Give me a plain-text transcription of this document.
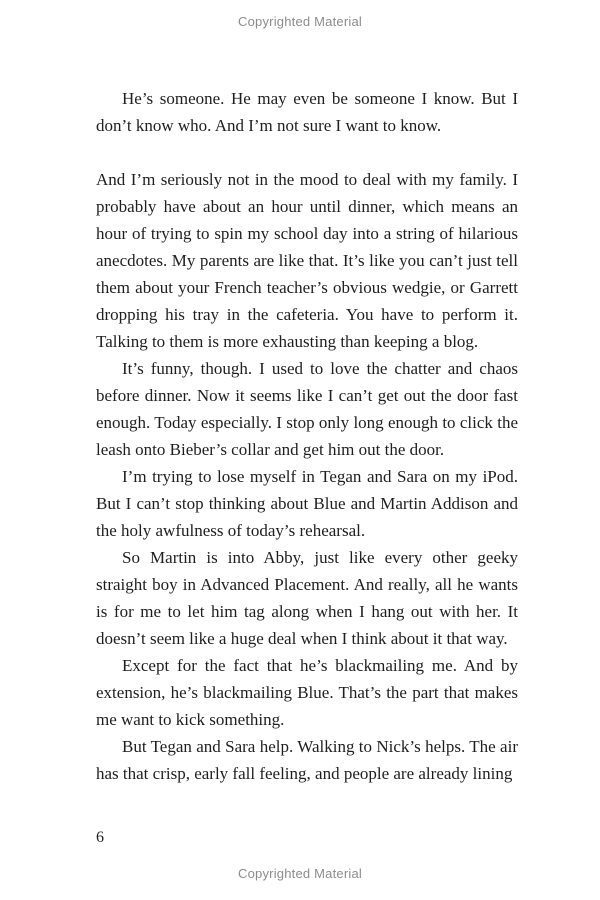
Copyrighted Material

He’s someone. He may even be someone I know. But I don’t know who. And I’m not sure I want to know.

And I’m seriously not in the mood to deal with my family. I probably have about an hour until dinner, which means an hour of trying to spin my school day into a string of hilarious anecdotes. My parents are like that. It’s like you can’t just tell them about your French teacher’s obvious wedgie, or Garrett dropping his tray in the cafeteria. You have to perform it. Talking to them is more exhausting than keeping a blog.

It’s funny, though. I used to love the chatter and chaos before dinner. Now it seems like I can’t get out the door fast enough. Today especially. I stop only long enough to click the leash onto Bieber’s collar and get him out the door.

I’m trying to lose myself in Tegan and Sara on my iPod. But I can’t stop thinking about Blue and Martin Addison and the holy awfulness of today’s rehearsal.

So Martin is into Abby, just like every other geeky straight boy in Advanced Placement. And really, all he wants is for me to let him tag along when I hang out with her. It doesn’t seem like a huge deal when I think about it that way.

Except for the fact that he’s blackmailing me. And by extension, he’s blackmailing Blue. That’s the part that makes me want to kick something.

But Tegan and Sara help. Walking to Nick’s helps. The air has that crisp, early fall feeling, and people are already lining

6
Copyrighted Material
